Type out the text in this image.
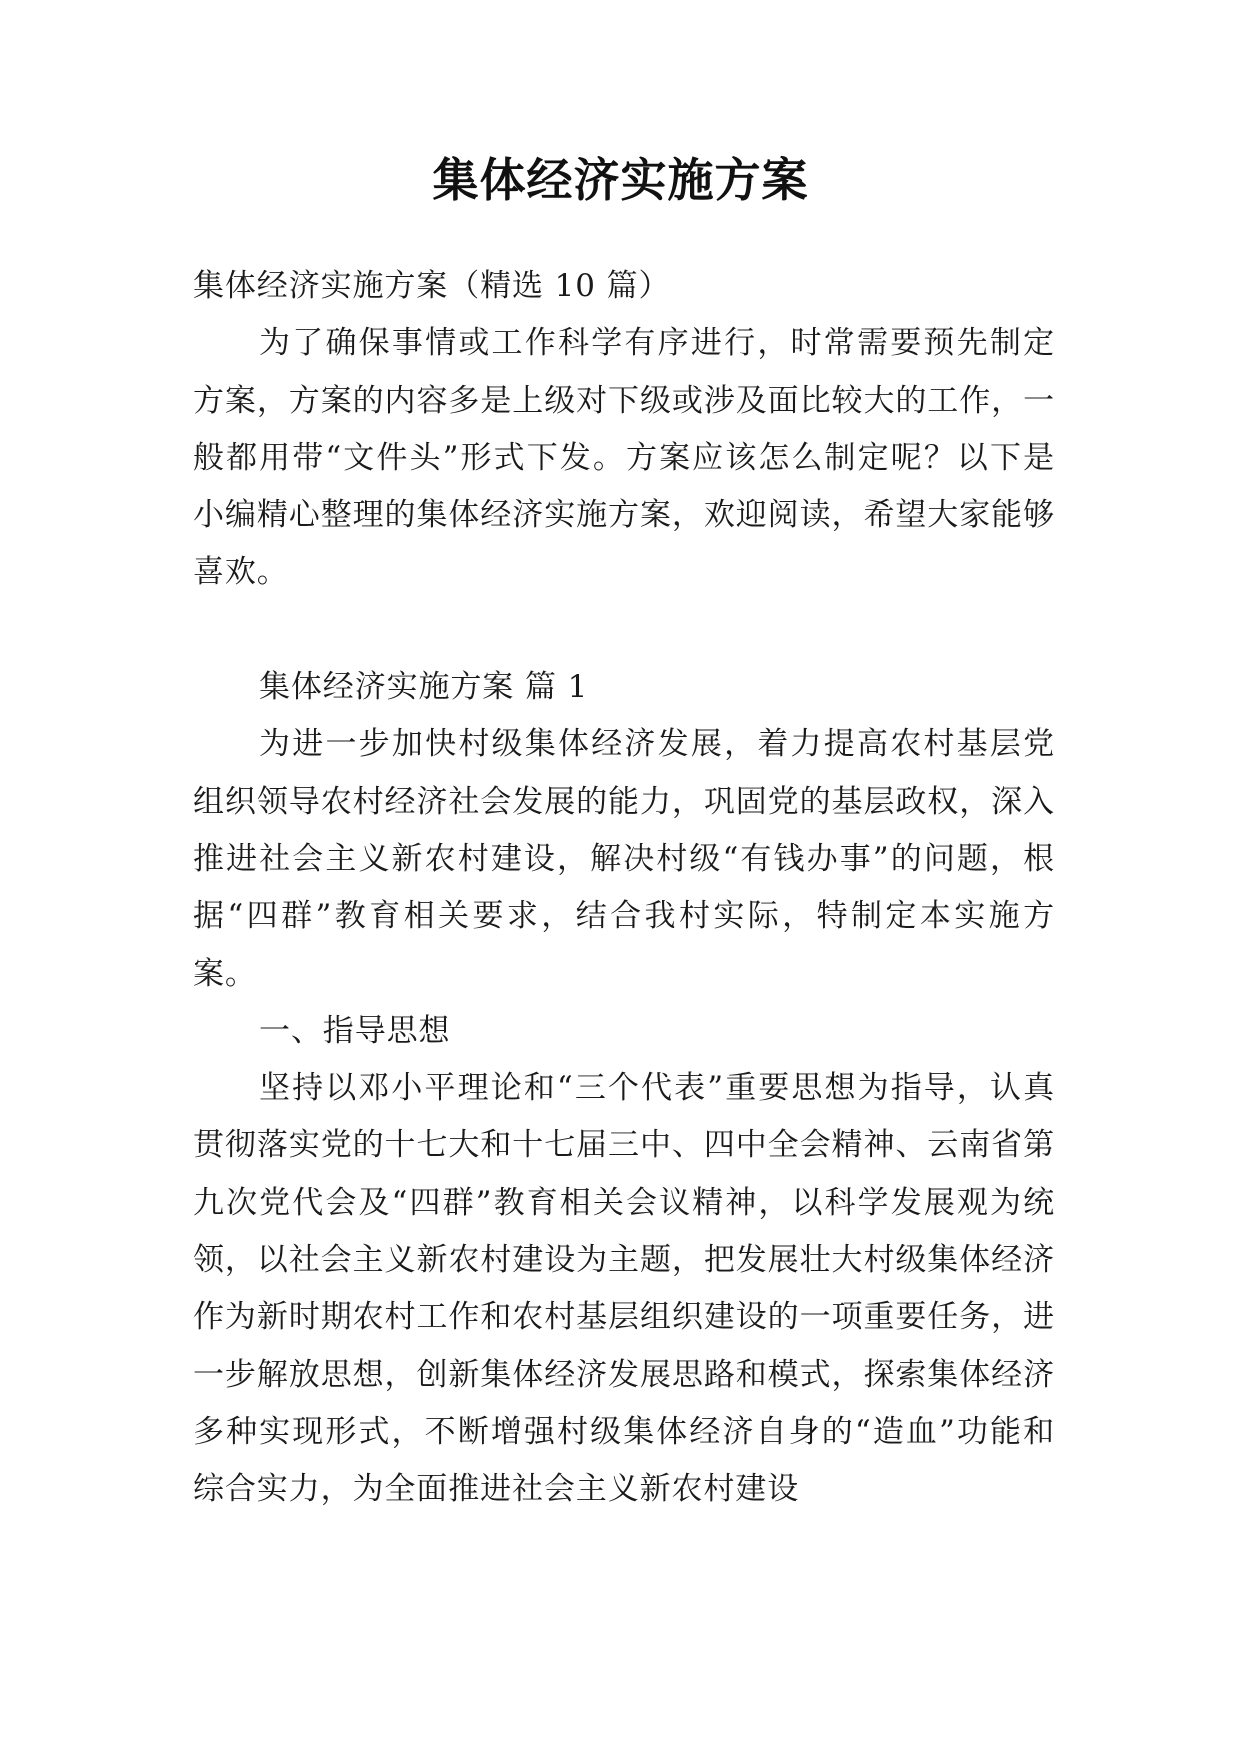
集体经济实施方案

集体经济实施方案（精选 10 篇）

为了确保事情或工作科学有序进行，时常需要预先制定方案，方案的内容多是上级对下级或涉及面比较大的工作，一般都用带“文件头”形式下发。方案应该怎么制定呢？以下是小编精心整理的集体经济实施方案，欢迎阅读，希望大家能够喜欢。

集体经济实施方案 篇 1

为进一步加快村级集体经济发展，着力提高农村基层党组织领导农村经济社会发展的能力，巩固党的基层政权，深入推进社会主义新农村建设，解决村级“有钱办事”的问题，根据“四群”教育相关要求，结合我村实际，特制定本实施方案。

一、指导思想

坚持以邓小平理论和“三个代表”重要思想为指导，认真贯彻落实党的十七大和十七届三中、四中全会精神、云南省第九次党代会及“四群”教育相关会议精神，以科学发展观为统领，以社会主义新农村建设为主题，把发展壮大村级集体经济作为新时期农村工作和农村基层组织建设的一项重要任务，进一步解放思想，创新集体经济发展思路和模式，探索集体经济多种实现形式，不断增强村级集体经济自身的“造血”功能和综合实力，为全面推进社会主义新农村建设
